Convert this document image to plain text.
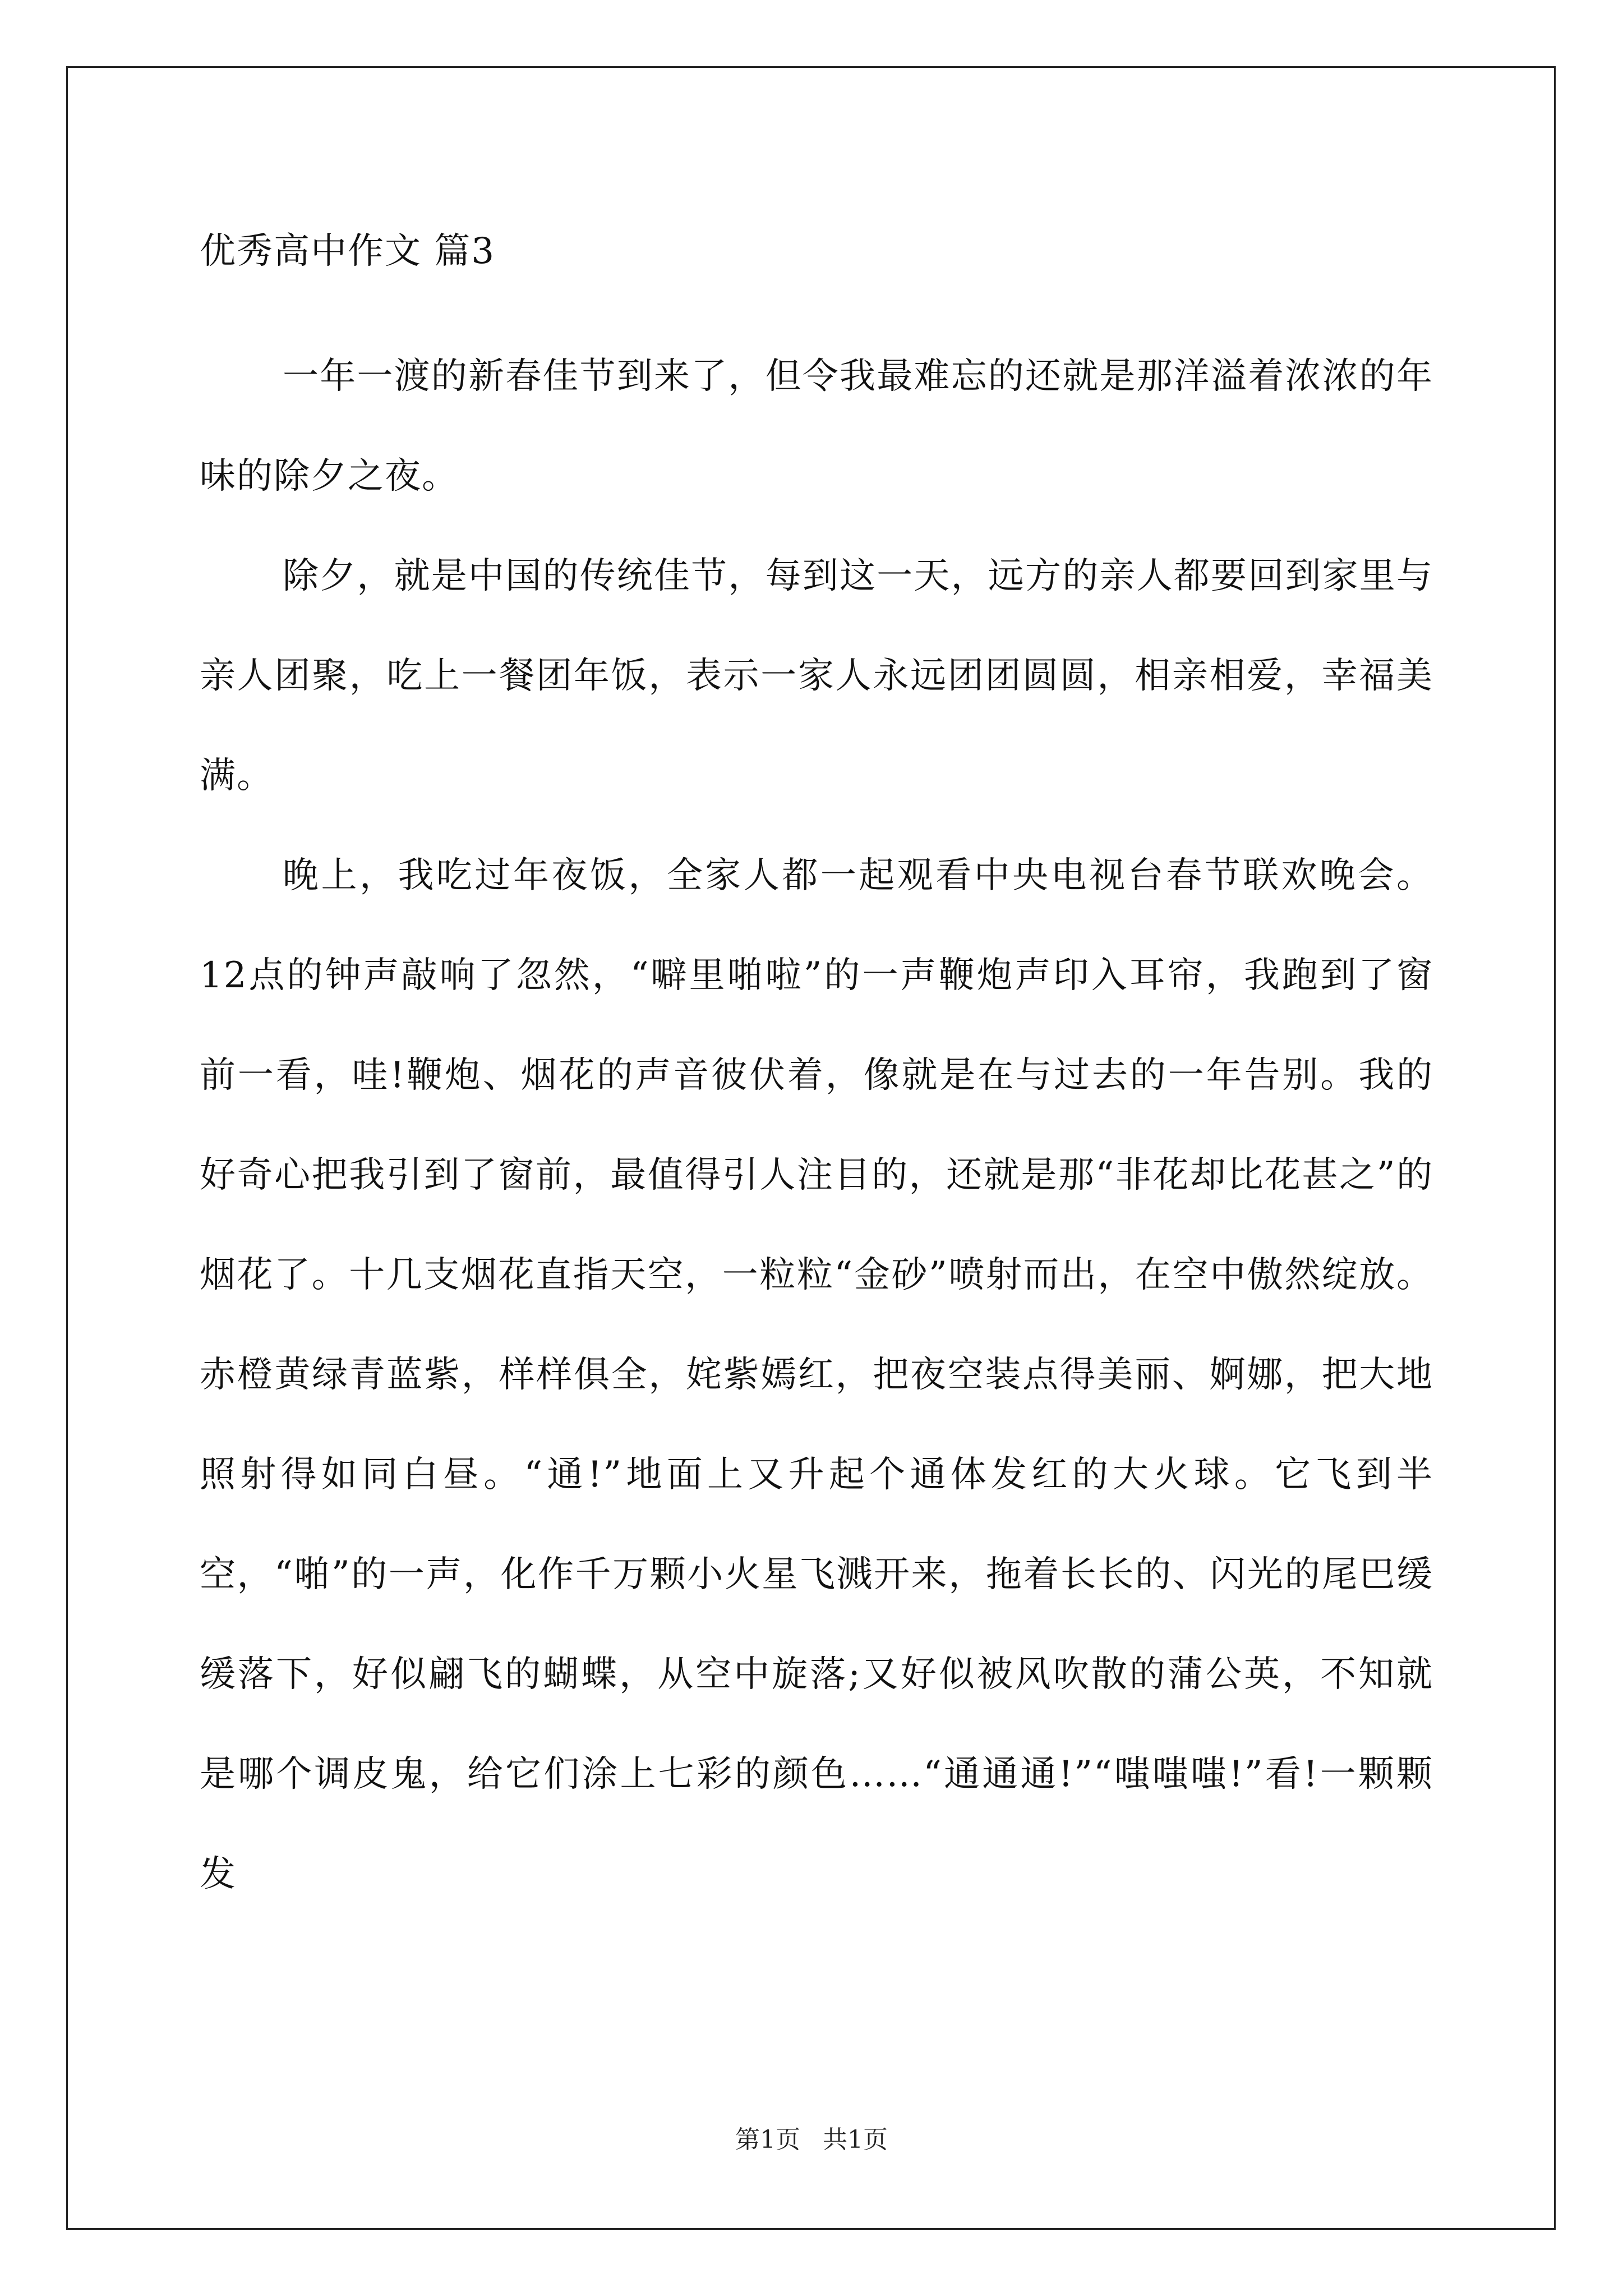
优秀高中作文 篇3

一年一渡的新春佳节到来了，但令我最难忘的还就是那洋溢着浓浓的年味的除夕之夜。

除夕，就是中国的传统佳节，每到这一天，远方的亲人都要回到家里与亲人团聚，吃上一餐团年饭，表示一家人永远团团圆圆，相亲相爱，幸福美满。

晚上，我吃过年夜饭，全家人都一起观看中央电视台春节联欢晚会。12点的钟声敲响了忽然，“噼里啪啦”的一声鞭炮声印入耳帘，我跑到了窗前一看，哇!鞭炮、烟花的声音彼伏着，像就是在与过去的一年告别。我的好奇心把我引到了窗前，最值得引人注目的，还就是那“非花却比花甚之”的烟花了。十几支烟花直指天空，一粒粒“金砂”喷射而出，在空中傲然绽放。赤橙黄绿青蓝紫，样样俱全，姹紫嫣红，把夜空装点得美丽、婀娜，把大地照射得如同白昼。“通!”地面上又升起个通体发红的大火球。它飞到半空，“啪”的一声，化作千万颗小火星飞溅开来，拖着长长的、闪光的尾巴缓缓落下，好似翩飞的蝴蝶，从空中旋落;又好似被风吹散的蒲公英，不知就是哪个调皮鬼，给它们涂上七彩的颜色……“通通通!”“嗤嗤嗤!”看!一颗颗发

第1页 共1页
